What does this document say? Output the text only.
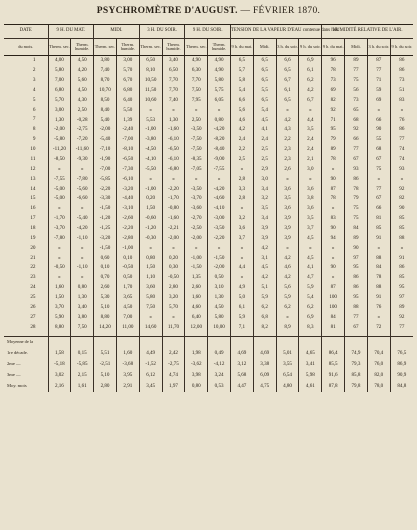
PSYCHROMÈTRE D'AUGUST. — FÉVRIER 1870.
DATE	9 H. DU MAT.		MIDI.		3 H. DU SOIR.		9 H. DU SOIR.		TENSION DE LA VAPEUR D'EAU contenue dans l'air.				HUMIDITÉ RELATIVE DE L'AIR.			
du mois.	Therm. sec.	Therm. humide.	Therm. sec.	Therm. humide.	Therm. sec.	Therm. humide.	Therm. sec.	Therm. humide.	9 h. du mat.	Midi.	3 h. du soir.	9 h. du soir.	9 h. du mat.	Midi.	3 h. du soir.	9 h. du soir.
1	4,00	4,50	3,80	3,00	6,50	3,40	4,90	4,90	6,5	6,5	6,6	6,9	96	89	87	86
2	5,80	4,20	7,40	5,70	8,10	6,50	6,30	4,90	5,7	6,5	6,5	6,1	78	77	77	86
3	7,00	5,60	8,70	6,70	10,50	7,70	7,70	5,80	5,8	6,5	6,7	6,2	73	75	71	73
4	6,80	4,50	10,70	6,80	11,50	7,70	7,50	5,75	5,4	5,5	6,1	4,2	69	56	59	51
5	5,70	4,30	8,50	6,40	10,60	7,40	7,95	6,05	6,6	6,5	6,5	6,7	82	73	69	83
6	3,00	2,50	8,40	5,50	»	»	»	»	5,6	5,4	»	»	92	65	»	»
7	1,30	-0,28	5,40	1,39	5,53	1,30	2,50	0,80	4,6	4,5	4,2	4,4	71	68	66	76
8	-2,00	-2,75	-2,00	-2,40	-1,00	-1,60	-3,50	-4,20	4,2	4,1	4,3	3,5	95	92	90	86
9	-5,80	-7,20	-5,40	-7,00	-3,80	-6,10	-7,50	-8,20	2,4	2,4	2,2	2,4	79	66	55	77
10	-11,20	-11,60	-7,10	-8,10	-4,50	-6,50	-7,50	-8,40	2,2	2,5	2,3	2,4	89	77	68	74
11	-8,50	-9,30	-1,90	-6,50	-4,10	-6,10	-8,35	-9,00	2,5	2,5	2,3	2,1	78	67	67	74
12	»	»	-7,00	-7,30	-5,50	-6,80	-7,05	-7,55	»	2,9	2,6	3,0	»	93	75	93
13	-7,55	-7,80	-5,85	-6,10	»	»	»	»	2,8	3,0	»	»	90	86	»	»
14	-5,00	-5,60	-2,20	-3,20	-1,00	-2,20	-3,50	-4,20	3,3	3,4	3,6	3,6	87	78	77	92
15	-5,00	-6,60	-3,30	-4,40	0,20	-1,70	-3,70	-4,60	2,8	3,2	3,5	3,8	78	79	67	82
16	»	»	-1,50	-3,10	1,50	-0,80	-3,60	-4,10	»	3,5	3,6	3,6	»	75	66	90
17	-1,70	-5,40	-1,20	-2,60	-0,60	-1,60	-2,70	-3,00	3,2	3,4	3,9	3,5	83	75	81	85
18	-3,70	-4,20	-1,25	-2,20	-1,20	-2,21	-2,50	-3,50	3,6	3,9	3,9	3,7	90	84	85	85
19	-7,80	-1,10	-3,20	-2,80	-0,30	-2,00	-2,00	-2,20	3,7	3,9	3,9	4,5	94	89	91	88
20	»	»	-1,50	-1,00	»	»	»	»	»	4,2	»	»	»	90	»	»
21	»	»	0,60	0,10	0,80	0,20	-1,00	-1,50	»	3,1	4,2	4,5	»	97	88	91
22	-0,50	-1,10	0,10	-0,50	1,50	0,30	-1,50	-2,00	4,4	4,5	4,6	4,1	90	95	84	86
23	»	»	0,70	0,50	1,10	-0,50	1,35	0,50	»	4,2	4,2	4,7	»	86	78	85
24	1,60	0,80	2,60	1,70	3,60	2,80	2,60	3,10	4,9	5,1	5,6	5,9	87	86	88	95
25	1,50	1,30	5,30	3,65	5,80	3,20	1,60	1,30	5,0	5,9	5,9	5,4	100	95	91	97
26	3,70	3,40	5,10	4,50	7,50	5,70	4,60	4,50	6,1	6,2	6,2	6,2	100	88	76	89
27	5,90	3,80	8,80	7,00	»	»	6,40	5,80	5,9	6,8	»	6,9	84	77	»	92
28	8,80	7,50	14,20	11,00	14,60	11,70	12,00	10,00	7,1	8,2	8,9	8,3	81	67	72	77

Moyenne de la																
1re décade.	1,58	0,15	5,51	1,60	4,49	2,42	1,98	0,49	4,69	4,69	5,01	4,65	86,4	74,9	70,4	76,5
2me —	-5,18	-5,85	-2,51	-3,68	-1,52	-2,75	-3,62	-4,12	3,12	3,38	3,55	3,41	85,5	79,3	76,0	86,9
3me —	3,02	2,15	5,10	3,95	6,12	4,74	3,98	3,24	5,68	6,09	6,54	5,98	91,6	85,8	82,0	90,9
Moy. mois	2,16	1,61	2,80	2,91	3,45	1,97	0,80	0,53	4,47	4,75	4,80	4,61	87,8	79,8	78,0	84,8
